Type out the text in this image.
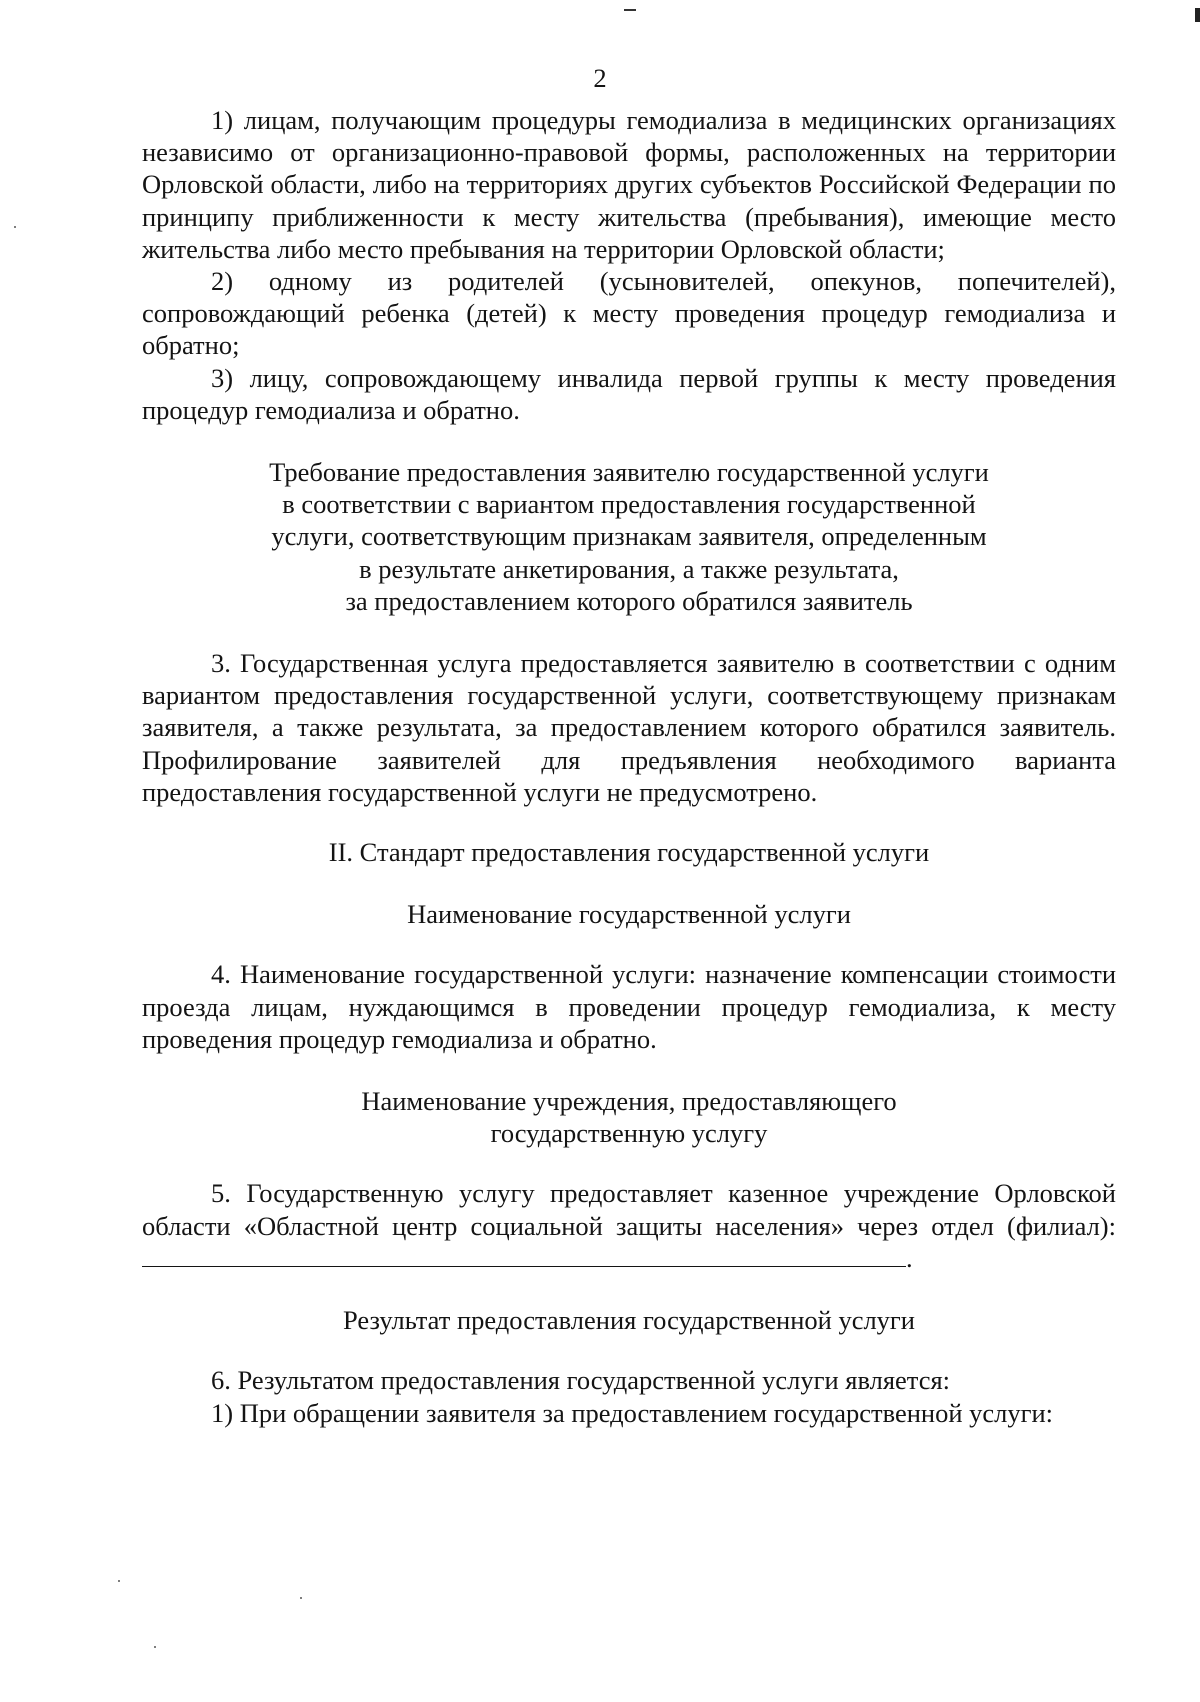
2

1) лицам, получающим процедуры гемодиализа в медицинских организациях независимо от организационно-правовой формы, расположенных на территории Орловской области, либо на территориях других субъектов Российской Федерации по принципу приближенности к месту жительства (пребывания), имеющие место жительства либо место пребывания на территории Орловской области;

2) одному из родителей (усыновителей, опекунов, попечителей), сопровождающий ребенка (детей) к месту проведения процедур гемодиализа и обратно;

3) лицу, сопровождающему инвалида первой группы к месту проведения процедур гемодиализа и обратно.

Требование предоставления заявителю государственной услуги
в соответствии с вариантом предоставления государственной
услуги, соответствующим признакам заявителя, определенным
в результате анкетирования, а также результата,
за предоставлением которого обратился заявитель

3. Государственная услуга предоставляется заявителю в соответствии с одним вариантом предоставления государственной услуги, соответствующему признакам заявителя, а также результата, за предоставлением которого обратился заявитель. Профилирование заявителей для предъявления необходимого варианта предоставления государственной услуги не предусмотрено.

II. Стандарт предоставления государственной услуги
Наименование государственной услуги

4. Наименование государственной услуги: назначение компенсации стоимости проезда лицам, нуждающимся в проведении процедур гемодиализа, к месту проведения процедур гемодиализа и обратно.

Наименование учреждения, предоставляющего
государственную услугу

5. Государственную услугу предоставляет казенное учреждение Орловской области «Областной центр социальной защиты населения» через отдел (филиал): .

Результат предоставления государственной услуги

6. Результатом предоставления государственной услуги является:

1) При обращении заявителя за предоставлением государственной услуги:
